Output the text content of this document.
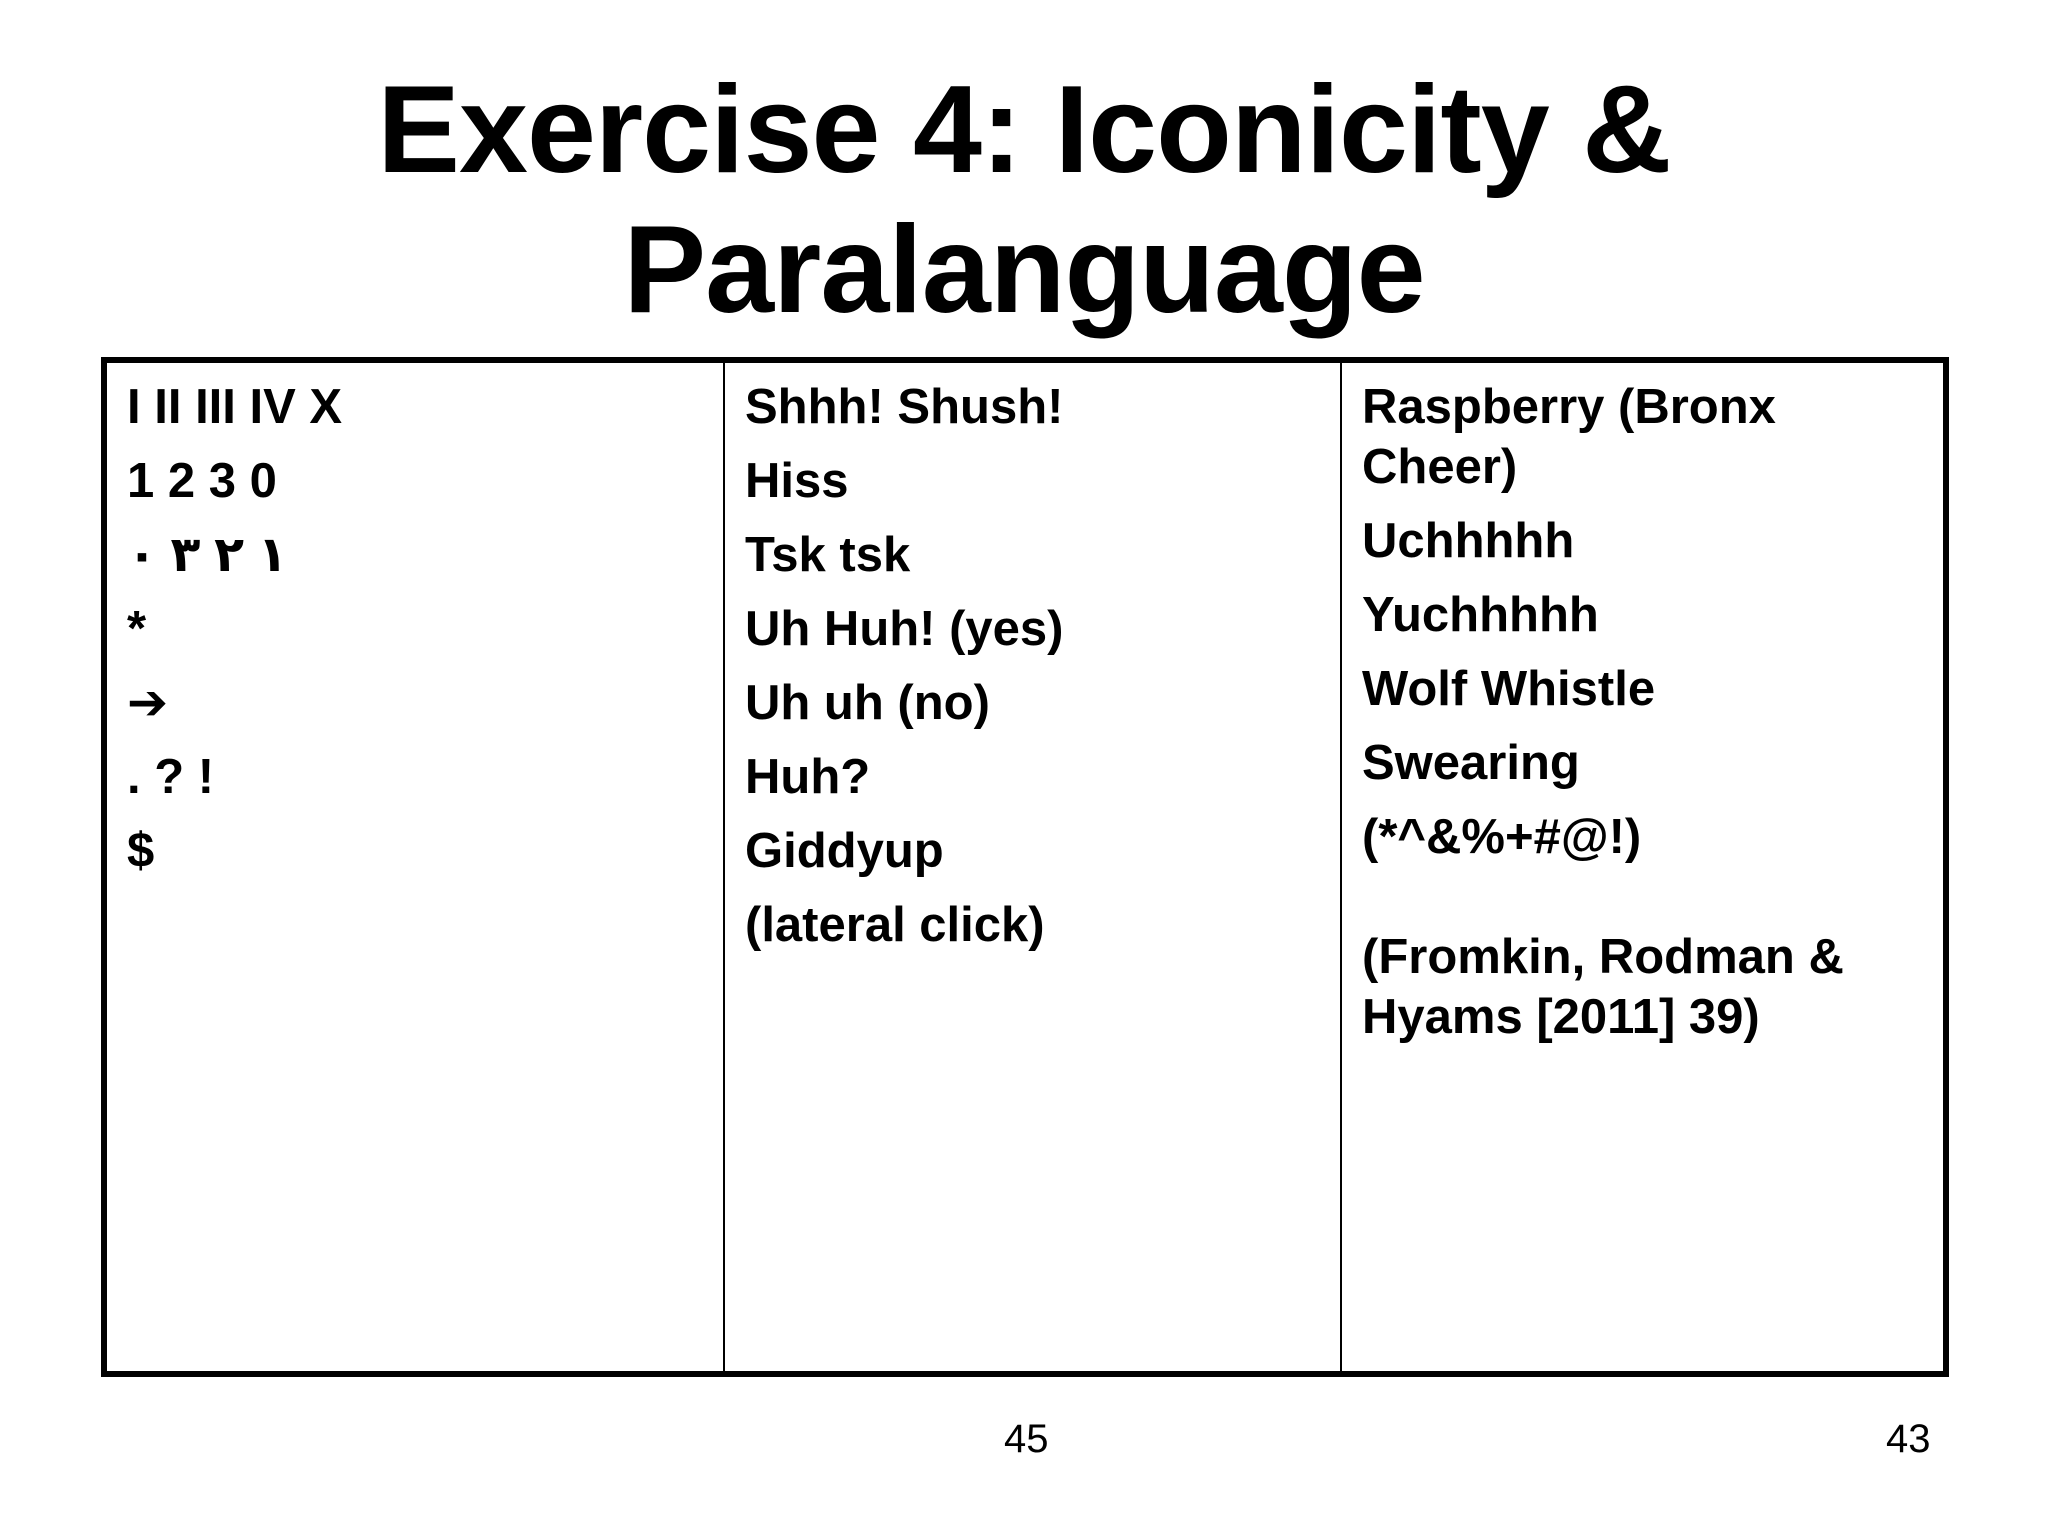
Exercise 4: Iconicity &
Paralanguage
I II III IV X
1 2 3 0
١ ٢ ٣ ٠
*
➔
. ? !
$
Shhh! Shush!
Hiss
Tsk tsk
Uh Huh! (yes)
Uh uh (no)
Huh?
Giddyup
(lateral click)
Raspberry (Bronx Cheer)
Uchhhhh
Yuchhhhh
Wolf Whistle
Swearing
(*^&%+#@!)
(Fromkin, Rodman & Hyams [2011] 39)
45	43
